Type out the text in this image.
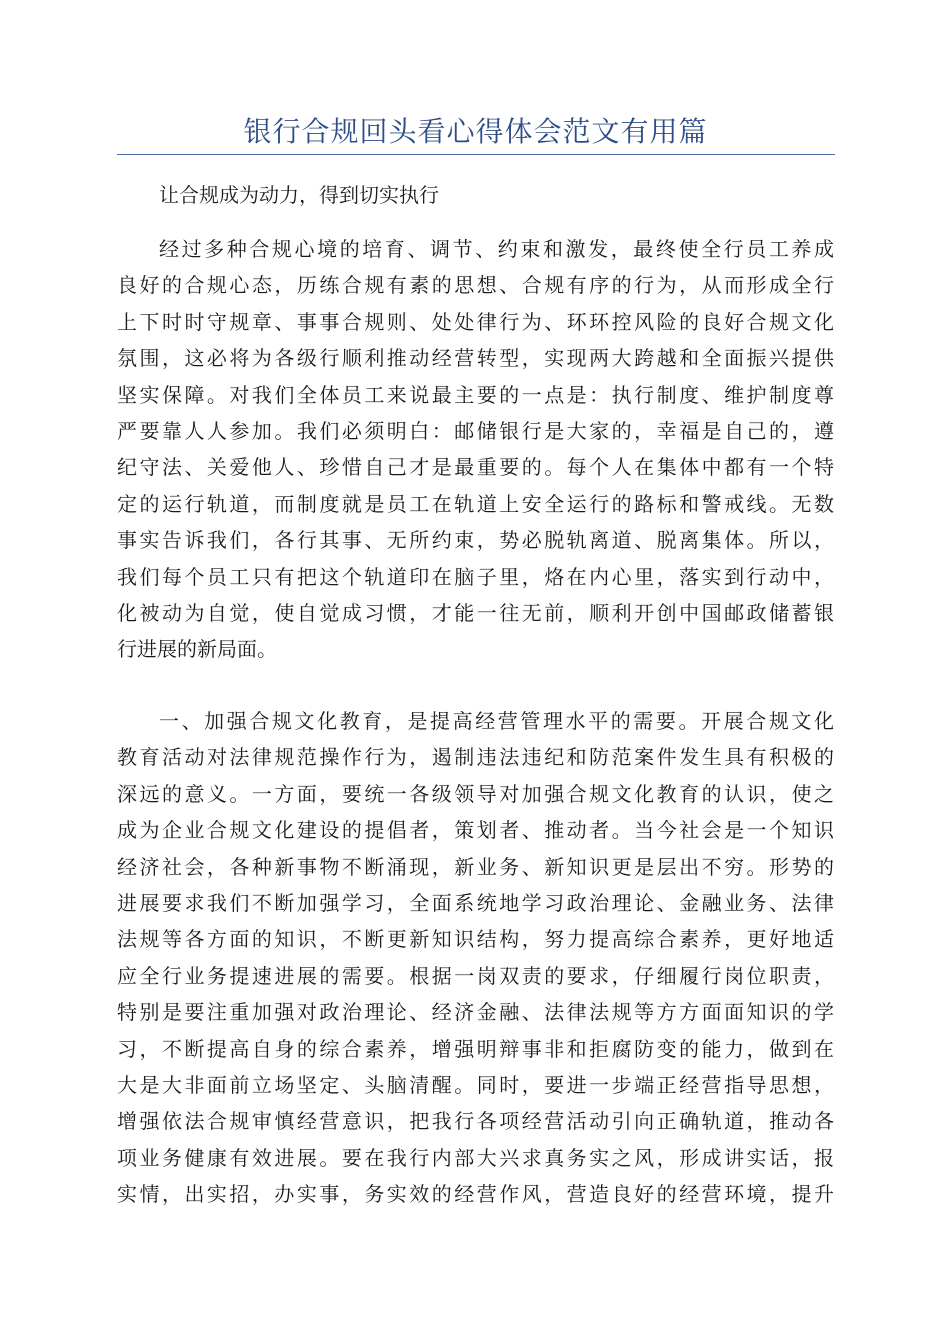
银行合规回头看心得体会范文有用篇
让合规成为动力，得到切实执行
经过多种合规心境的培育、调节、约束和激发，最终使全行员工养成
良好的合规心态，历练合规有素的思想、合规有序的行为，从而形成全行
上下时时守规章、事事合规则、处处律行为、环环控风险的良好合规文化
氛围，这必将为各级行顺利推动经营转型，实现两大跨越和全面振兴提供
坚实保障。对我们全体员工来说最主要的一点是：执行制度、维护制度尊
严要靠人人参加。我们必须明白：邮储银行是大家的，幸福是自己的，遵
纪守法、关爱他人、珍惜自己才是最重要的。每个人在集体中都有一个特
定的运行轨道，而制度就是员工在轨道上安全运行的路标和警戒线。无数
事实告诉我们，各行其事、无所约束，势必脱轨离道、脱离集体。所以，
我们每个员工只有把这个轨道印在脑子里，烙在内心里，落实到行动中，
化被动为自觉，使自觉成习惯，才能一往无前，顺利开创中国邮政储蓄银
行进展的新局面。
一、加强合规文化教育，是提高经营管理水平的需要。开展合规文化
教育活动对法律规范操作行为，遏制违法违纪和防范案件发生具有积极的
深远的意义。一方面，要统一各级领导对加强合规文化教育的认识，使之
成为企业合规文化建设的提倡者，策划者、推动者。当今社会是一个知识
经济社会，各种新事物不断涌现，新业务、新知识更是层出不穷。形势的
进展要求我们不断加强学习，全面系统地学习政治理论、金融业务、法律
法规等各方面的知识，不断更新知识结构，努力提高综合素养，更好地适
应全行业务提速进展的需要。根据一岗双责的要求，仔细履行岗位职责，
特别是要注重加强对政治理论、经济金融、法律法规等方方面面知识的学
习，不断提高自身的综合素养，增强明辩事非和拒腐防变的能力，做到在
大是大非面前立场坚定、头脑清醒。同时，要进一步端正经营指导思想，
增强依法合规审慎经营意识，把我行各项经营活动引向正确轨道，推动各
项业务健康有效进展。要在我行内部大兴求真务实之风，形成讲实话，报
实情，出实招，办实事，务实效的经营作风，营造良好的经营环境，提升
